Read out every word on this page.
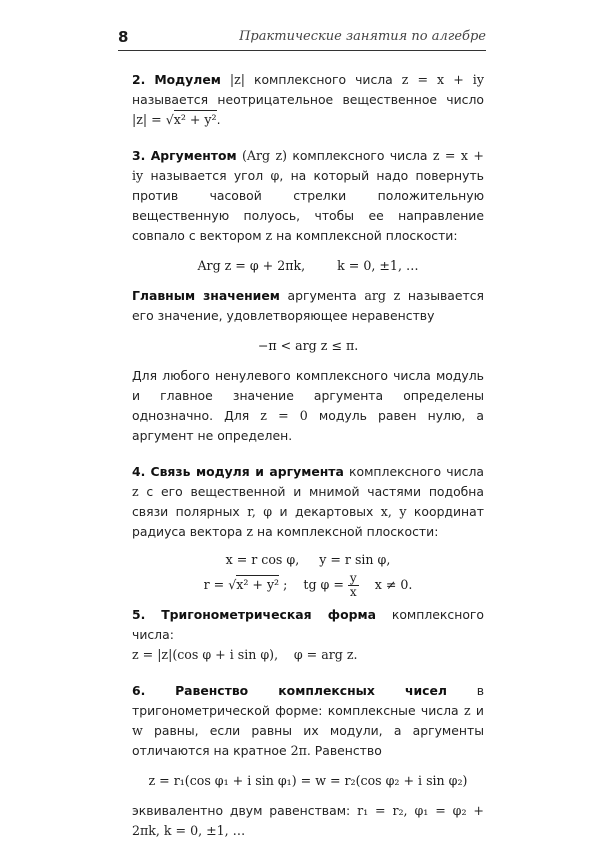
8	Практические занятия по алгебре

2. Модулем |z| комплексного числа z = x + iy называется неотрицательное вещественное число |z| = √x² + y².

3. Аргументом (Arg z) комплексного числа z = x + iy называется угол φ, на который надо повернуть против часовой стрелки положительную вещественную полуось, чтобы ее направление совпало с вектором z на комплексной плоскости:

Arg z = φ + 2πk,	k = 0, ±1, …

Главным значением аргумента arg z называется его значение, удовлетворяющее неравенству

−π < arg z ≤ π.

Для любого ненулевого комплексного числа модуль и главное значение аргумента определены однозначно. Для z = 0 модуль равен нулю, а аргумент не определен.

4. Связь модуля и аргумента комплексного числа z с его вещественной и мнимой частями подобна связи полярных r, φ и декартовых x, y координат радиуса вектора z на комплексной плоскости:

x = r cos φ, y = r sin φ,
r = √x² + y² ; tg $\varphi = \frac{y}{x}$ x ≠ 0.

5. Тригонометрическая форма комплексного числа:
z = |z|(cos φ + i sin φ), φ = arg z.

6. Равенство комплексных чисел в тригонометрической форме: комплексные числа z и w равны, если равны их модули, а аргументы отличаются на кратное 2π. Равенство

z = r₁(cos φ₁ + i sin φ₁) = w = r₂(cos φ₂ + i sin φ₂)

эквивалентно двум равенствам: r₁ = r₂, φ₁ = φ₂ + 2πk, k = 0, ±1, …
